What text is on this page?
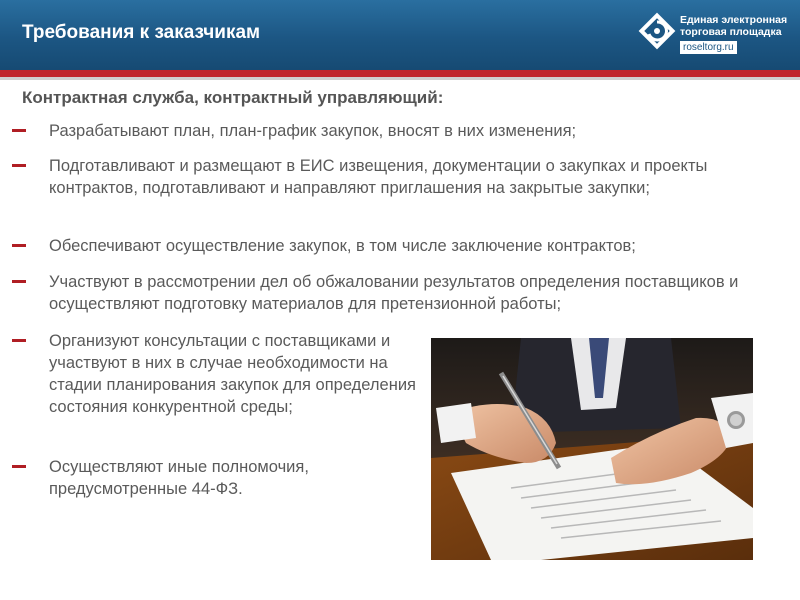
Требования к заказчикам
Единая электронная
торговая площадка
roseltorg.ru
Контрактная служба, контрактный управляющий:
Разрабатывают план, план-график закупок, вносят в них изменения;
Подготавливают и размещают в ЕИС извещения, документации о закупках и проекты контрактов, подготавливают и направляют приглашения на закрытые закупки;
Обеспечивают осуществление закупок, в том числе заключение контрактов;
Участвуют в рассмотрении дел об обжаловании результатов определения поставщиков и осуществляют подготовку материалов для претензионной работы;
Организуют консультации с поставщиками и участвуют в них в случае необходимости на стадии планирования закупок для определения состояния конкурентной среды;
Осуществляют иные полномочия, предусмотренные 44-ФЗ.
